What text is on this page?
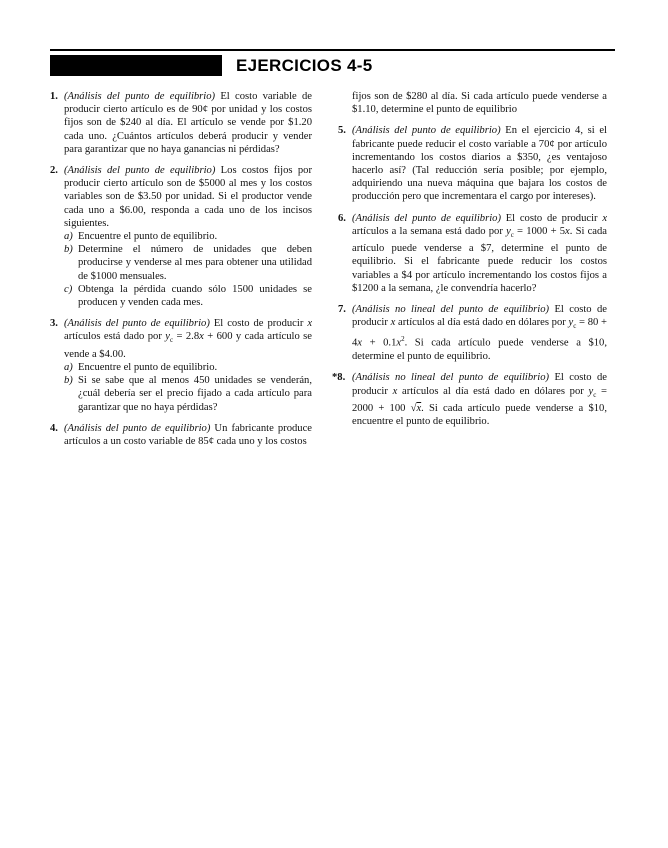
EJERCICIOS 4-5
1. (Análisis del punto de equilibrio) El costo variable de producir cierto artículo es de 90¢ por unidad y los costos fijos son de $240 al día. El artículo se vende por $1.20 cada uno. ¿Cuántos artículos deberá producir y vender para garantizar que no haya ganancias ni pérdidas?
2. (Análisis del punto de equilibrio) Los costos fijos por producir cierto artículo son de $5000 al mes y los costos variables son de $3.50 por unidad. Si el productor vende cada uno a $6.00, responda a cada uno de los incisos siguientes.
a) Encuentre el punto de equilibrio.
b) Determine el número de unidades que deben producirse y venderse al mes para obtener una utilidad de $1000 mensuales.
c) Obtenga la pérdida cuando sólo 1500 unidades se producen y venden cada mes.
3. (Análisis del punto de equilibrio) El costo de producir x artículos está dado por $y_c = 2.8x + 600$ y cada artículo se vende a $4.00.
a) Encuentre el punto de equilibrio.
b) Si se sabe que al menos 450 unidades se venderán, ¿cuál debería ser el precio fijado a cada artículo para garantizar que no haya pérdidas?
4. (Análisis del punto de equilibrio) Un fabricante produce artículos a un costo variable de 85¢ cada uno y los costos
fijos son de $280 al día. Si cada artículo puede venderse a $1.10, determine el punto de equilibrio
5. (Análisis del punto de equilibrio) En el ejercicio 4, si el fabricante puede reducir el costo variable a 70¢ por artículo incrementando los costos diarios a $350, ¿es ventajoso hacerlo así? (Tal reducción sería posible; por ejemplo, adquiriendo una nueva máquina que bajara los costos de producción pero que incrementara el cargo por intereses).
6. (Análisis del punto de equilibrio) El costo de producir x artículos a la semana está dado por $y_c = 1000 + 5x$. Si cada artículo puede venderse a $7, determine el punto de equilibrio. Si el fabricante puede reducir los costos variables a $4 por artículo incrementando los costos fijos a $1200 a la semana, ¿le convendría hacerlo?
7. (Análisis no lineal del punto de equilibrio) El costo de producir x artículos al día está dado en dólares por $y_c = 80 + 4x + 0.1x^2$. Si cada artículo puede venderse a $10, determine el punto de equilibrio.
*8. (Análisis no lineal del punto de equilibrio) El costo de producir x artículos al día está dado en dólares por $y_c = 2000 + 100$ √x. Si cada artículo puede venderse a $10, encuentre el punto de equilibrio.
